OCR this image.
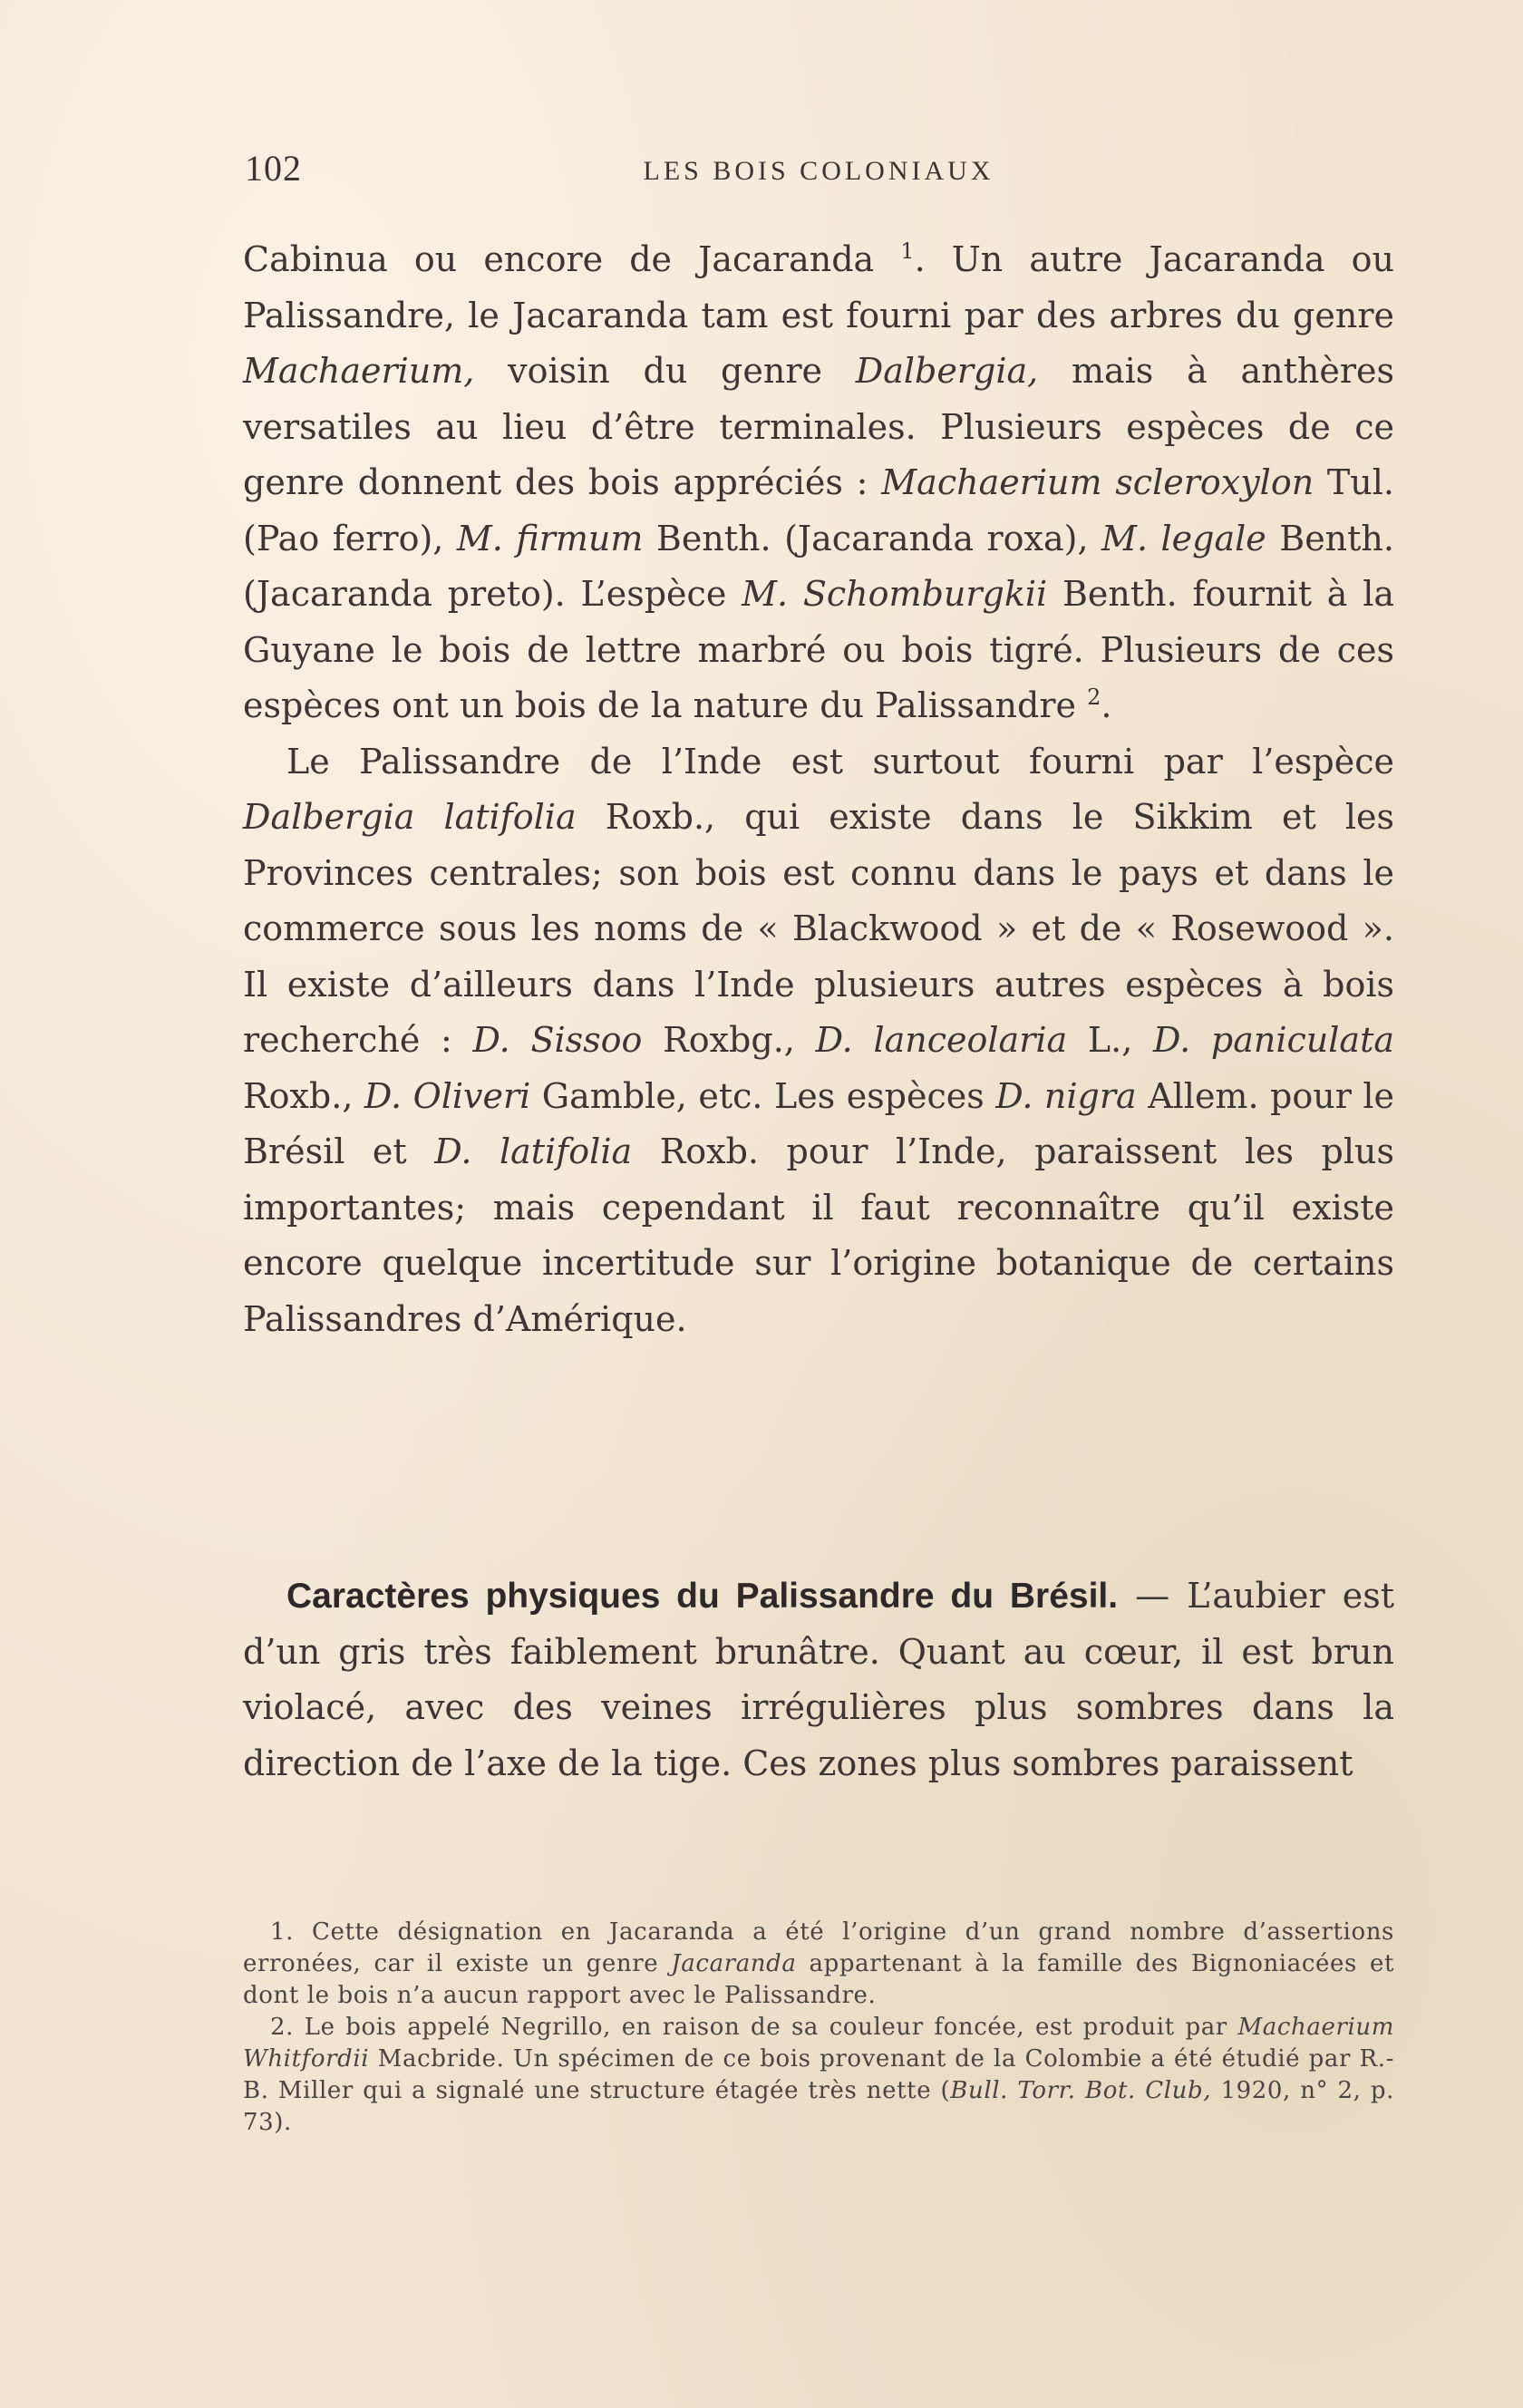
102	LES BOIS COLONIAUX

Cabinua ou encore de Jacaranda $^1$. Un autre Jacaranda ou Palissandre, le Jacaranda tam est fourni par des arbres du genre Machaerium, voisin du genre Dalbergia, mais à anthères versatiles au lieu d’être terminales. Plusieurs espèces de ce genre donnent des bois appréciés : Machaerium scleroxylon Tul. (Pao ferro), M. firmum Benth. (Jacaranda roxa), M. legale Benth. (Jacaranda preto). L’espèce M. Schomburgkii Benth. fournit à la Guyane le bois de lettre marbré ou bois tigré. Plusieurs de ces espèces ont un bois de la nature du Palissandre $^2$.

Le Palissandre de l’Inde est surtout fourni par l’espèce Dalbergia latifolia Roxb., qui existe dans le Sikkim et les Provinces centrales; son bois est connu dans le pays et dans le commerce sous les noms de « Blackwood » et de « Rosewood ». Il existe d’ailleurs dans l’Inde plusieurs autres espèces à bois recherché : D. Sissoo Roxbg., D. lanceolaria L., D. paniculata Roxb., D. Oliveri Gamble, etc. Les espèces D. nigra Allem. pour le Brésil et D. latifolia Roxb. pour l’Inde, paraissent les plus importantes; mais cependant il faut reconnaître qu’il existe encore quelque incertitude sur l’origine botanique de certains Palissandres d’Amérique.

Caractères physiques du Palissandre du Brésil. — L’aubier est d’un gris très faiblement brunâtre. Quant au cœur, il est brun violacé, avec des veines irrégulières plus sombres dans la direction de l’axe de la tige. Ces zones plus sombres paraissent

1. Cette désignation en Jacaranda a été l’origine d’un grand nombre d’assertions erronées, car il existe un genre Jacaranda appartenant à la famille des Bignoniacées et dont le bois n’a aucun rapport avec le Palissandre.

2. Le bois appelé Negrillo, en raison de sa couleur foncée, est produit par Machaerium Whitfordii Macbride. Un spécimen de ce bois provenant de la Colombie a été étudié par R.-B. Miller qui a signalé une structure étagée très nette (Bull. Torr. Bot. Club, 1920, n° 2, p. 73).
